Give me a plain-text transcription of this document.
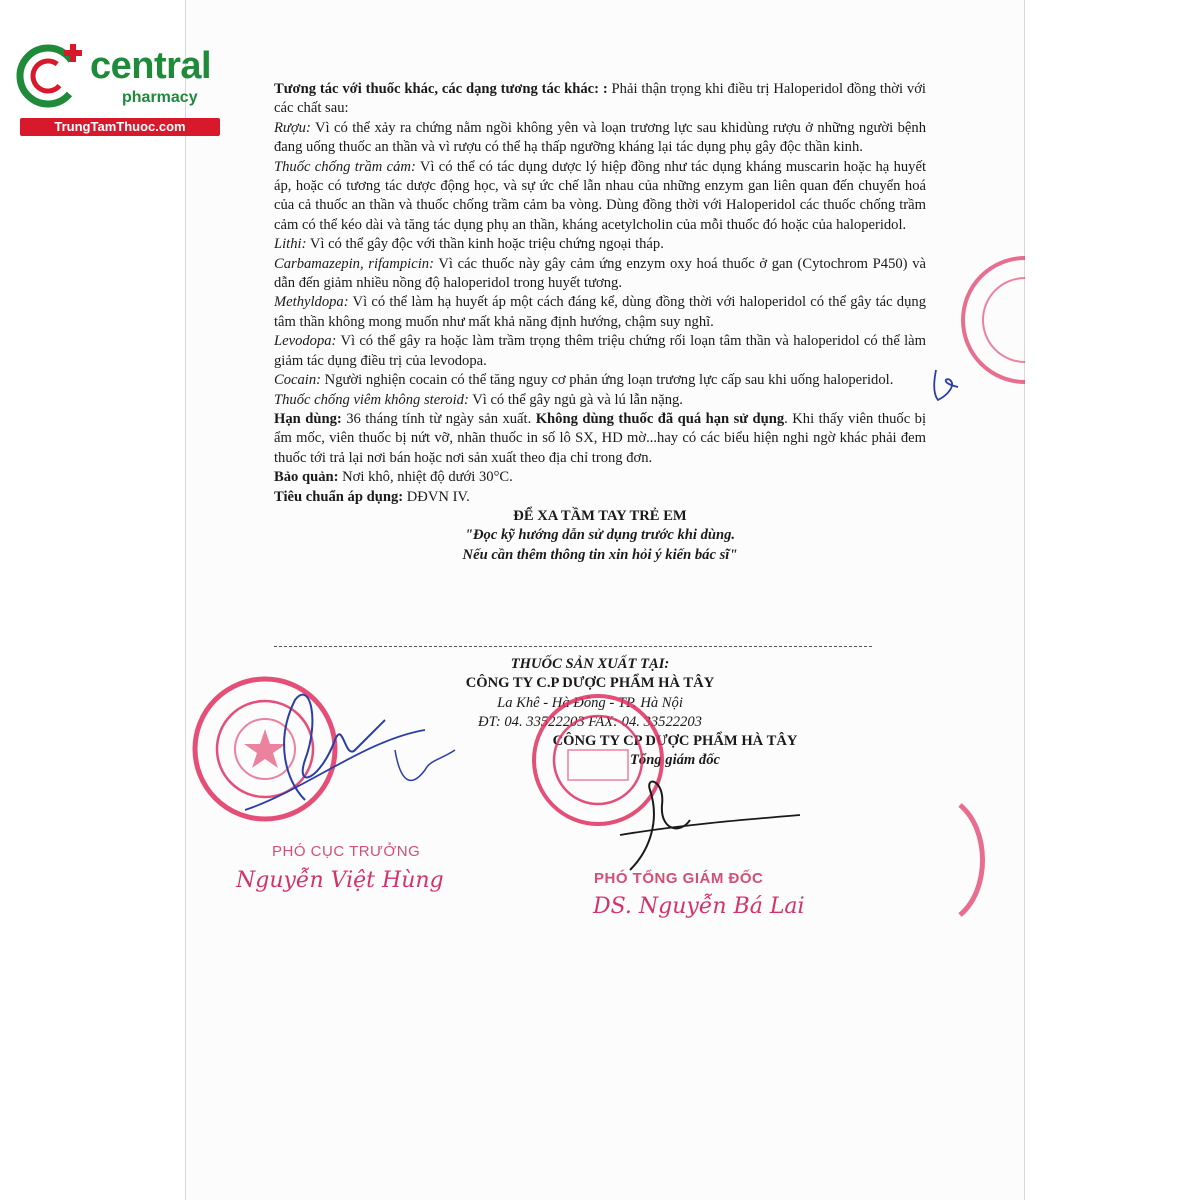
central
pharmacy
TrungTamThuoc.com

Tương tác với thuốc khác, các dạng tương tác khác: : Phải thận trọng khi điều trị Haloperidol đồng thời với các chất sau:

Rượu: Vì có thể xảy ra chứng nằm ngồi không yên và loạn trương lực sau khidùng rượu ở những người bệnh đang uống thuốc an thần và vì rượu có thể hạ thấp ngưỡng kháng lại tác dụng phụ gây độc thần kinh.

Thuốc chống trầm cảm: Vì có thể có tác dụng dược lý hiệp đồng như tác dụng kháng muscarin hoặc hạ huyết áp, hoặc có tương tác dược động học, và sự ức chế lẫn nhau của những enzym gan liên quan đến chuyển hoá của cả thuốc an thần và thuốc chống trầm cảm ba vòng. Dùng đồng thời với Haloperidol các thuốc chống trầm cảm có thể kéo dài và tăng tác dụng phụ an thần, kháng acetylcholin của mỗi thuốc đó hoặc của haloperidol.

Lithi: Vì có thể gây độc với thần kinh hoặc triệu chứng ngoại tháp.

Carbamazepin, rifampicin: Vì các thuốc này gây cảm ứng enzym oxy hoá thuốc ở gan (Cytochrom P450) và dẫn đến giảm nhiều nồng độ haloperidol trong huyết tương.

Methyldopa: Vì có thể làm hạ huyết áp một cách đáng kể, dùng đồng thời với haloperidol có thể gây tác dụng tâm thần không mong muốn như mất khả năng định hướng, chậm suy nghĩ.

Levodopa: Vì có thể gây ra hoặc làm trầm trọng thêm triệu chứng rối loạn tâm thần và haloperidol có thể làm giảm tác dụng điều trị của levodopa.

Cocain: Người nghiện cocain có thể tăng nguy cơ phản ứng loạn trương lực cấp sau khi uống haloperidol.

Thuốc chống viêm không steroid: Vì có thể gây ngủ gà và lú lẫn nặng.

Hạn dùng: 36 tháng tính từ ngày sản xuất. Không dùng thuốc đã quá hạn sử dụng. Khi thấy viên thuốc bị ẩm mốc, viên thuốc bị nứt vỡ, nhãn thuốc in số lô SX, HD mờ...hay có các biểu hiện nghi ngờ khác phải đem thuốc tới trả lại nơi bán hoặc nơi sản xuất theo địa chỉ trong đơn.

Bảo quản: Nơi khô, nhiệt độ dưới 30°C.

Tiêu chuẩn áp dụng: DĐVN IV.

ĐỂ XA TẦM TAY TRẺ EM

"Đọc kỹ hướng dẫn sử dụng trước khi dùng.

Nếu cần thêm thông tin xin hỏi ý kiến bác sĩ"

THUỐC SẢN XUẤT TẠI:
CÔNG TY C.P DƯỢC PHẨM HÀ TÂY
La Khê - Hà Đông - TP. Hà Nội
ĐT: 04. 33522203 FAX: 04. 33522203
CÔNG TY CP DƯỢC PHẨM HÀ TÂY
Tổng giám đốc
PHÓ CỤC TRƯỞNG
Nguyễn Việt Hùng	PHÓ TỔNG GIÁM ĐỐC
DS. Nguyễn Bá Lai
